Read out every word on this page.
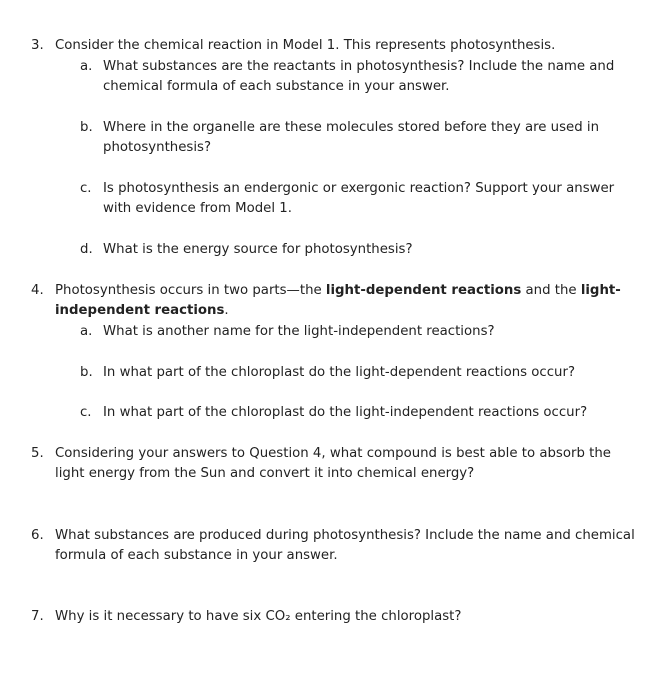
3. Consider the chemical reaction in Model 1. This represents photosynthesis.
a. What substances are the reactants in photosynthesis? Include the name and chemical formula of each substance in your answer.
b. Where in the organelle are these molecules stored before they are used in photosynthesis?
c. Is photosynthesis an endergonic or exergonic reaction? Support your answer with evidence from Model 1.
d. What is the energy source for photosynthesis?
4. Photosynthesis occurs in two parts—the light-dependent reactions and the light-independent reactions.
a. What is another name for the light-independent reactions?
b. In what part of the chloroplast do the light-dependent reactions occur?
c. In what part of the chloroplast do the light-independent reactions occur?
5. Considering your answers to Question 4, what compound is best able to absorb the light energy from the Sun and convert it into chemical energy?
6. What substances are produced during photosynthesis? Include the name and chemical formula of each substance in your answer.
7. Why is it necessary to have six CO₂ entering the chloroplast?
